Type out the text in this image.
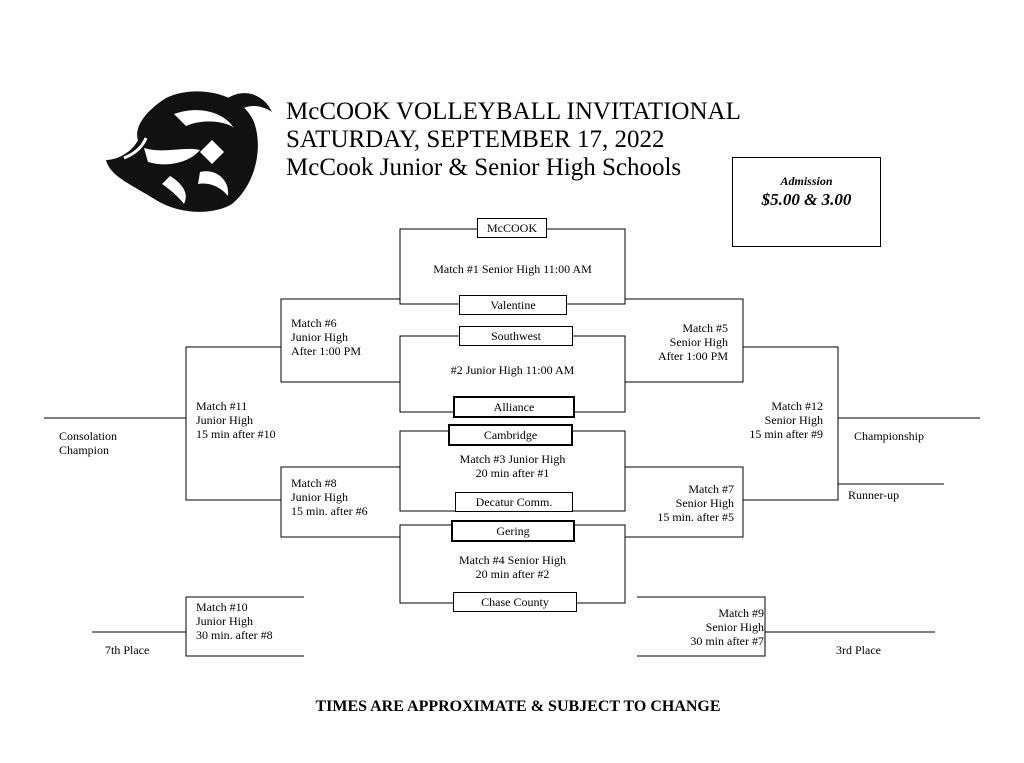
McCOOK VOLLEYBALL INVITATIONAL
SATURDAY, SEPTEMBER 17, 2022
McCook Junior & Senior High Schools	Admission
$5.00 & 3.00
McCOOK
Valentine
Southwest
Alliance
Cambridge
Decatur Comm.
Gering
Chase County
Match #1 Senior High 11:00 AM
#2 Junior High 11:00 AM
Match #3 Junior High
20 min after #1
Match #4 Senior High
20 min after #2
Match #5
Senior High
After 1:00 PM
Match #6
Junior High
After 1:00 PM
Match #7
Senior High
15 min. after #5
Match #8
Junior High
15 min. after #6
Match #9
Senior High
30 min after #7
Match #10
Junior High
30 min. after #8
Match #11
Junior High
15 min after #10
Match #12
Senior High
15 min after #9
Consolation
Champion
Championship
Runner-up
7th Place	3rd Place
TIMES ARE APPROXIMATE & SUBJECT TO CHANGE
